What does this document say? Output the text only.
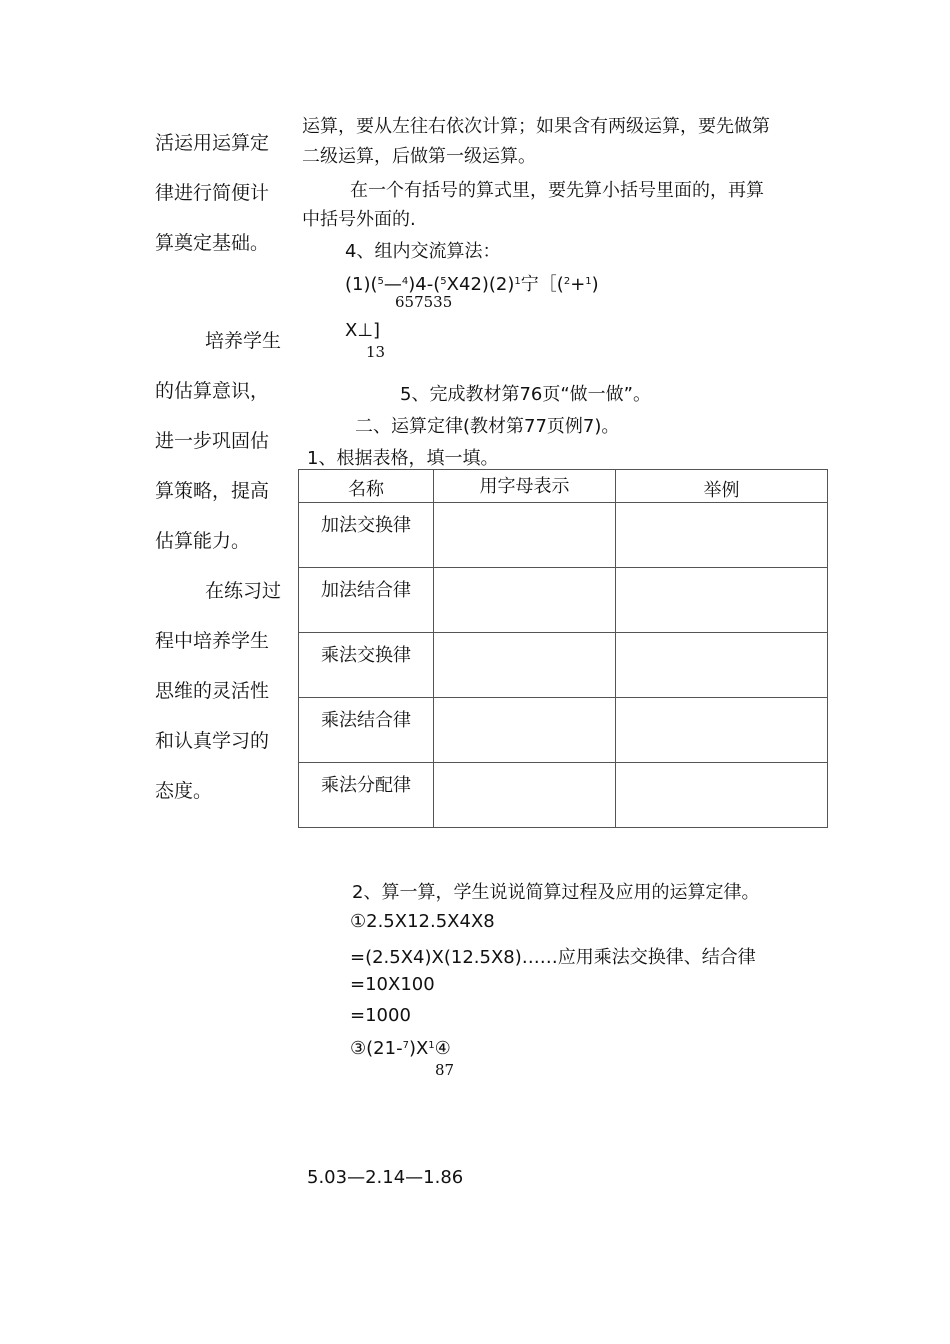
活运用运算定
律进行简便计
算奠定基础。
培养学生
的估算意识，
进一步巩固估
算策略，提高
估算能力。
在练习过
程中培养学生
思维的灵活性
和认真学习的
态度。
运算，要从左往右依次计算；如果含有两级运算，要先做第
二级运算，后做第一级运算。
在一个有括号的算式里，要先算小括号里面的，再算
中括号外面的.
4、组内交流算法：
$(1)(^5—^4)4-(^5X42)(2)^1$宁［($^2$+$^1$)
657535
X⊥]
13
5、完成教材第76页“做一做”。
二、运算定律(教材第77页例7)。
1、根据表格，填一填。
名称	用字母表示	举例

加法交换律		

加法结合律		

乘法交换律		

乘法结合律		

乘法分配律		

2、算一算，学生说说简算过程及应用的运算定律。
①2.5X12.5X4X8
=(2.5X4)X(12.5X8)……应用乘法交换律、结合律
=10X100
=1000
$③(21-^7)X^1④$
87
5.03—2.14—1.86
